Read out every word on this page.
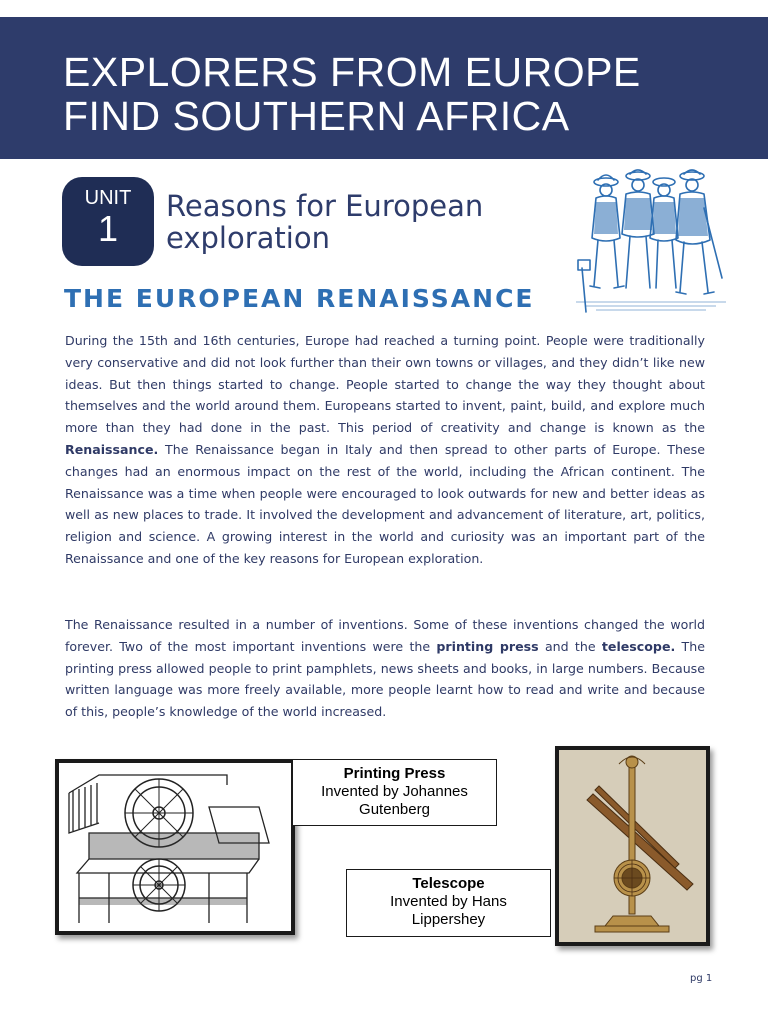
EXPLORERS FROM EUROPE
FIND SOUTHERN AFRICA
UNIT
1
Reasons for European
exploration
THE EUROPEAN RENAISSANCE

During the 15th and 16th centuries, Europe had reached a turning point. People were traditionally very conservative and did not look further than their own towns or villages, and they didn’t like new ideas. But then things started to change. People started to change the way they thought about themselves and the world around them. Europeans started to invent, paint, build, and explore much more than they had done in the past. This period of creativity and change is known as the Renaissance. The Renaissance began in Italy and then spread to other parts of Europe. These changes had an enormous impact on the rest of the world, including the African continent. The Renaissance was a time when people were encouraged to look outwards for new and better ideas as well as new places to trade. It involved the development and advancement of literature, art, politics, religion and science. A growing interest in the world and curiosity was an important part of the Renaissance and one of the key reasons for European exploration.

The Renaissance resulted in a number of inventions. Some of these inventions changed the world forever. Two of the most important inventions were the printing press and the telescope. The printing press allowed people to print pamphlets, news sheets and books, in large numbers. Because written language was more freely available, more people learnt how to read and write and because of this, people’s knowledge of the world increased.

Printing Press
Invented by Johannes
Gutenberg
Telescope
Invented by Hans
Lippershey
pg 1
